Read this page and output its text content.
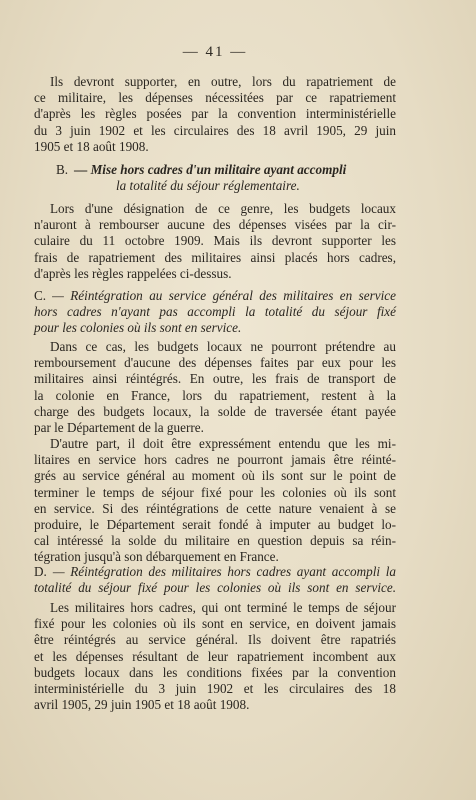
— 41 —
Ils devront supporter, en outre, lors du rapatriement de
ce militaire, les dépenses nécessitées par ce rapatriement
d'après les règles posées par la convention interministérielle
du 3 juin 1902 et les circulaires des 18 avril 1905, 29 juin
1905 et 18 août 1908.
B. — Mise hors cadres d'un militaire ayant accompli
la totalité du séjour réglementaire.
Lors d'une désignation de ce genre, les budgets locaux
n'auront à rembourser aucune des dépenses visées par la cir-
culaire du 11 octobre 1909. Mais ils devront supporter les
frais de rapatriement des militaires ainsi placés hors cadres,
d'après les règles rappelées ci-dessus.
C. — Réintégration au service général des militaires en service
hors cadres n'ayant pas accompli la totalité du séjour fixé
pour les colonies où ils sont en service.
Dans ce cas, les budgets locaux ne pourront prétendre au
remboursement d'aucune des dépenses faites par eux pour les
militaires ainsi réintégrés. En outre, les frais de transport de
la colonie en France, lors du rapatriement, restent à la
charge des budgets locaux, la solde de traversée étant payée
par le Département de la guerre.
D'autre part, il doit être expressément entendu que les mi-
litaires en service hors cadres ne pourront jamais être réinté-
grés au service général au moment où ils sont sur le point de
terminer le temps de séjour fixé pour les colonies où ils sont
en service. Si des réintégrations de cette nature venaient à se
produire, le Département serait fondé à imputer au budget lo-
cal intéressé la solde du militaire en question depuis sa réin-
tégration jusqu'à son débarquement en France.
D. — Réintégration des militaires hors cadres ayant accompli la
totalité du séjour fixé pour les colonies où ils sont en service.
Les militaires hors cadres, qui ont terminé le temps de séjour
fixé pour les colonies où ils sont en service, en doivent jamais
être réintégrés au service général. Ils doivent être rapatriés
et les dépenses résultant de leur rapatriement incombent aux
budgets locaux dans les conditions fixées par la convention
interministérielle du 3 juin 1902 et les circulaires des 18
avril 1905, 29 juin 1905 et 18 août 1908.
